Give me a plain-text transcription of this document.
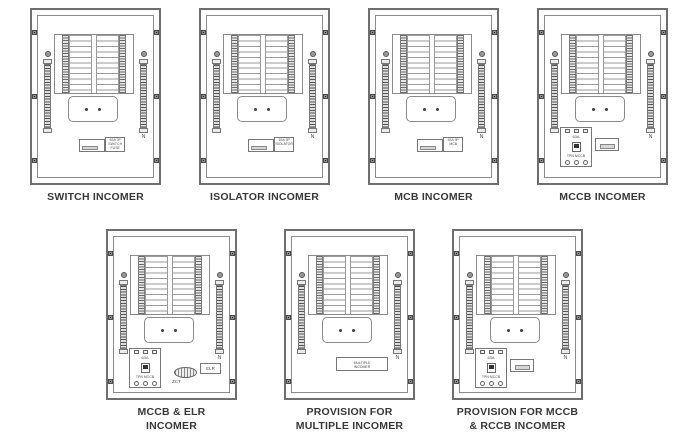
N
63A 3P
SWITCH
FUSE
N
63A 3P
ISOLATOR
N
63A 3P
MCB
N
63A
TPN MCCB
N
63A
TPN MCCB
ZCT
ELR
N
MULTIPLE
INCOMER
N
63A
TPN MCCB
SWITCH INCOMER	ISOLATOR INCOMER	MCB INCOMER	MCCB INCOMER
MCCB & ELR
INCOMER
PROVISION FOR
MULTIPLE INCOMER
PROVISION FOR MCCB
& RCCB INCOMER
